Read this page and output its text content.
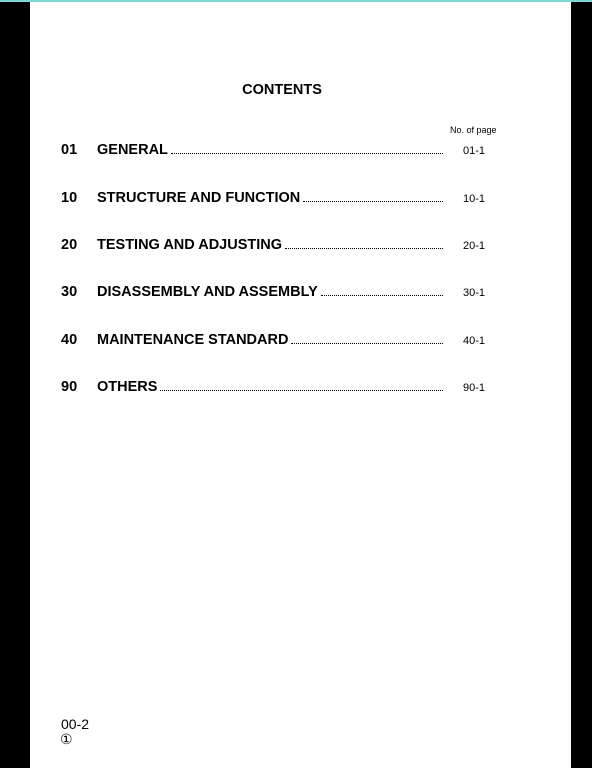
CONTENTS
No. of page
01 GENERAL	01-1
10 STRUCTURE AND FUNCTION	10-1
20 TESTING AND ADJUSTING	20-1
30 DISASSEMBLY AND ASSEMBLY	30-1
40 MAINTENANCE STANDARD	40-1
90 OTHERS	90-1
00-2
①
